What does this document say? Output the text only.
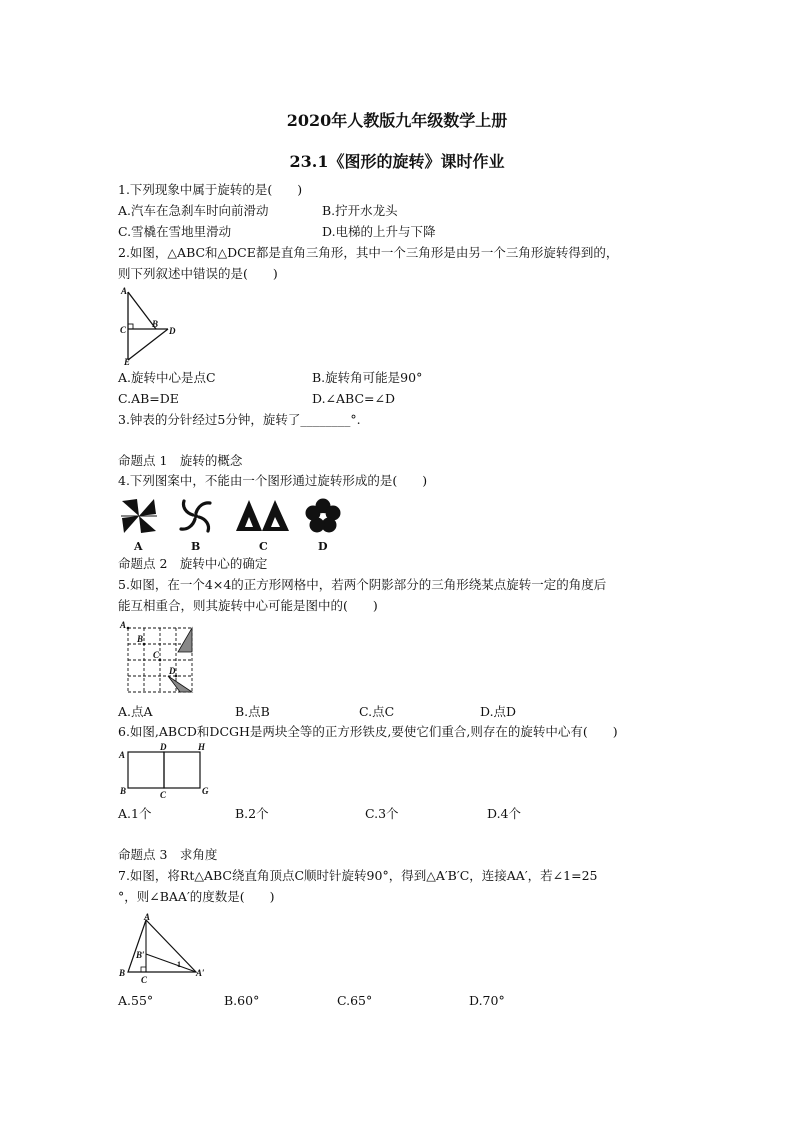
2020年人教版九年级数学上册
23.1《图形的旋转》课时作业
1.下列现象中属于旋转的是(　　)
A.汽车在急刹车时向前滑动	B.拧开水龙头
C.雪橇在雪地里滑动	D.电梯的上升与下降
2.如图，△ABC和△DCE都是直角三角形，其中一个三角形是由另一个三角形旋转得到的，
则下列叙述中错误的是(　　)
A
B
C	D
E
A.旋转中心是点C	B.旋转角可能是90°
C.AB=DE	D.∠ABC=∠D
3.钟表的分针经过5分钟，旋转了________°.
命题点 1　旋转的概念
4.下列图案中，不能由一个图形通过旋转形成的是(　　)
A	B	C	D
命题点 2　旋转中心的确定
5.如图，在一个4×4的正方形网格中，若两个阴影部分的三角形绕某点旋转一定的角度后
能互相重合，则其旋转中心可能是图中的(　　)
A
B
C
D
A.点A	B.点B	C.点C	D.点D
6.如图,ABCD和DCGH是两块全等的正方形铁皮,要使它们重合,则存在的旋转中心有(　　)
A
B	C
D
G
H
A.1个	B.2个	C.3个	D.4个
命题点 3　求角度
7.如图，将Rt△ABC绕直角顶点C顺时针旋转90°，得到△A′B′C，连接AA′，若∠1=25
°，则∠BAA′的度数是(　　)
A
B
C
B′
A′
1
A.55°	B.60°	C.65°	D.70°
